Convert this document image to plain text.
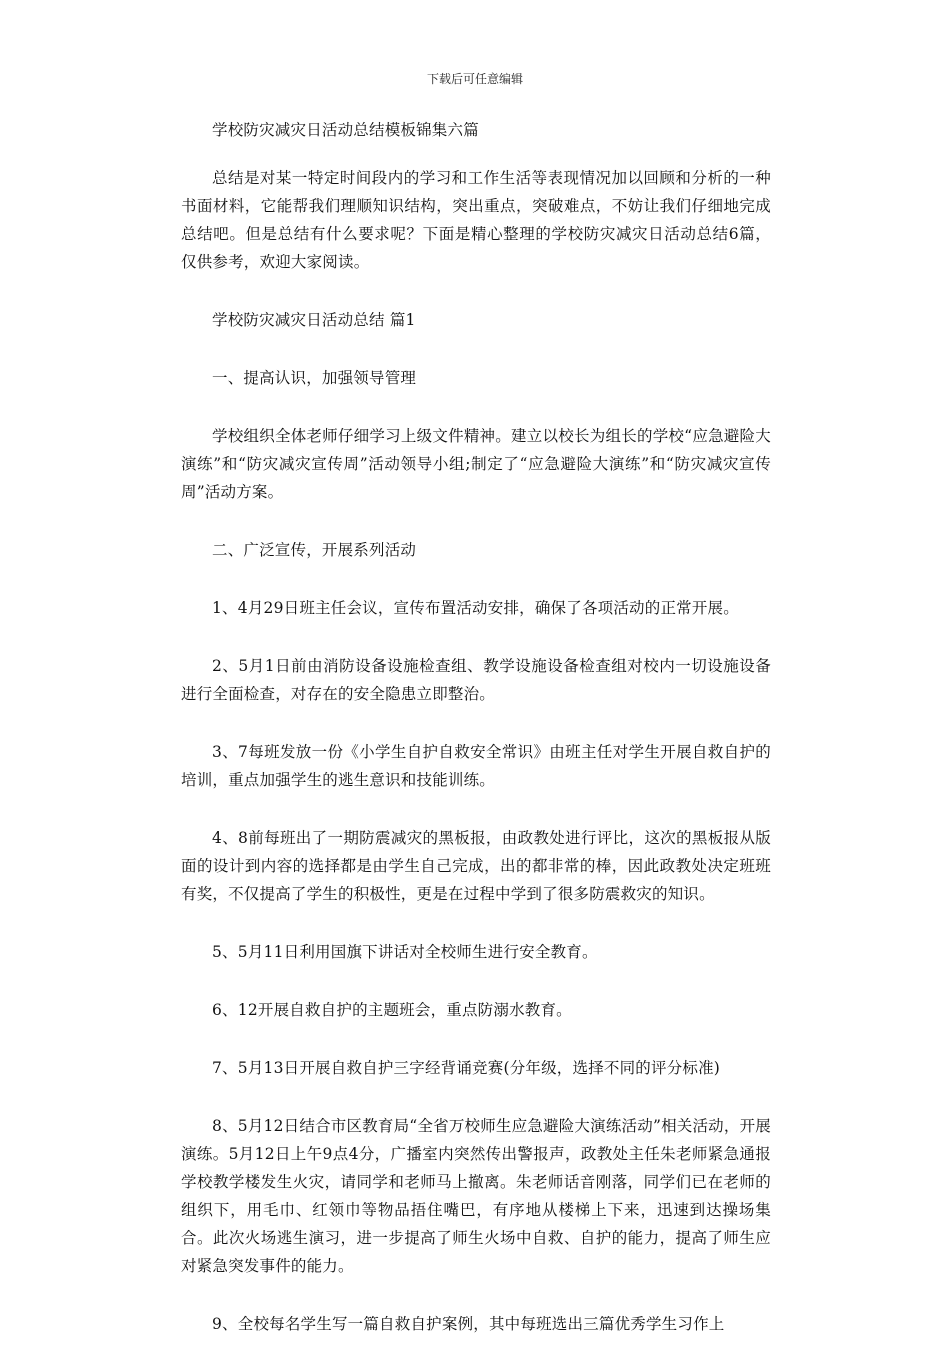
下载后可任意编辑

学校防灾减灾日活动总结模板锦集六篇

总结是对某一特定时间段内的学习和工作生活等表现情况加以回顾和分析的一种书面材料，它能帮我们理顺知识结构，突出重点，突破难点，不妨让我们仔细地完成总结吧。但是总结有什么要求呢？下面是精心整理的学校防灾减灾日活动总结6篇，仅供参考，欢迎大家阅读。

学校防灾减灾日活动总结 篇1

一、提高认识，加强领导管理

学校组织全体老师仔细学习上级文件精神。建立以校长为组长的学校“应急避险大演练”和“防灾减灾宣传周”活动领导小组;制定了“应急避险大演练”和“防灾减灾宣传周”活动方案。

二、广泛宣传，开展系列活动

1、4月29日班主任会议，宣传布置活动安排，确保了各项活动的正常开展。

2、5月1日前由消防设备设施检查组、教学设施设备检查组对校内一切设施设备进行全面检查，对存在的安全隐患立即整治。

3、7每班发放一份《小学生自护自救安全常识》由班主任对学生开展自救自护的培训，重点加强学生的逃生意识和技能训练。

4、8前每班出了一期防震减灾的黑板报，由政教处进行评比，这次的黑板报从版面的设计到内容的选择都是由学生自己完成，出的都非常的棒，因此政教处决定班班有奖，不仅提高了学生的积极性，更是在过程中学到了很多防震救灾的知识。

5、5月11日利用国旗下讲话对全校师生进行安全教育。

6、12开展自救自护的主题班会，重点防溺水教育。

7、5月13日开展自救自护三字经背诵竞赛(分年级，选择不同的评分标准)

8、5月12日结合市区教育局“全省万校师生应急避险大演练活动”相关活动，开展演练。5月12日上午9点4分，广播室内突然传出警报声，政教处主任朱老师紧急通报学校教学楼发生火灾，请同学和老师马上撤离。朱老师话音刚落，同学们已在老师的组织下，用毛巾、红领巾等物品捂住嘴巴，有序地从楼梯上下来，迅速到达操场集合。此次火场逃生演习，进一步提高了师生火场中自救、自护的能力，提高了师生应对紧急突发事件的能力。

9、全校每名学生写一篇自救自护案例，其中每班选出三篇优秀学生习作上
